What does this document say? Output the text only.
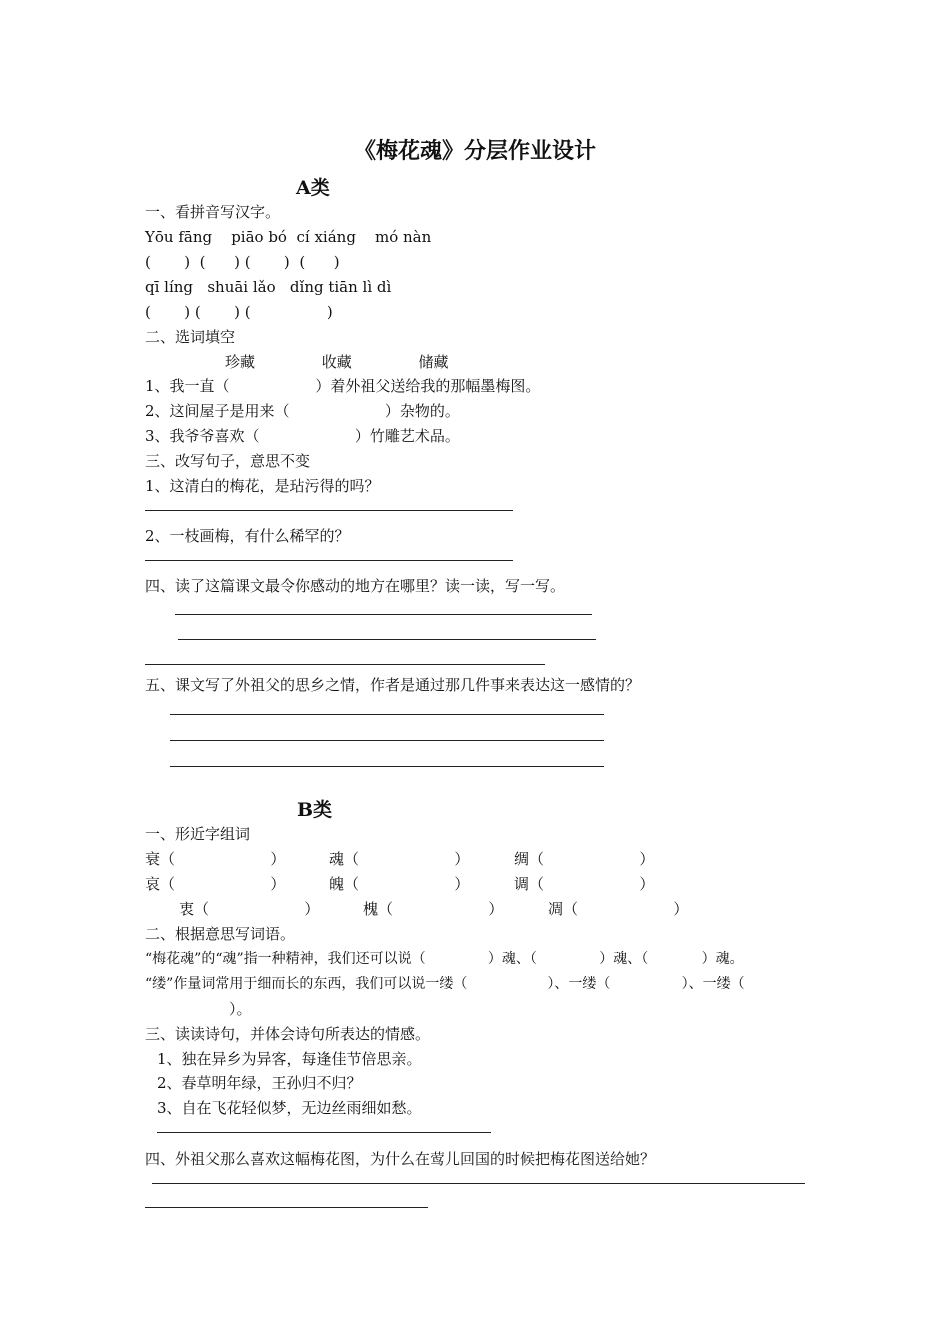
《梅花魂》分层作业设计
A类
一、看拼音写汉字。
Yōu fāng    piāo bó  cí xiáng    mó nàn
(       )  (      ) (       )  (      )
qī líng   shuāi lǎo   dǐng tiān lì dì
(       ) (       ) (                )
二、选词填空
珍藏              收藏              储藏
1、我一直（                  ）着外祖父送给我的那幅墨梅图。
2、这间屋子是用来（                    ）杂物的。
3、我爷爷喜欢（                    ）竹雕艺术品。
三、改写句子，意思不变
1、这清白的梅花，是玷污得的吗？
2、一枝画梅，有什么稀罕的？
四、读了这篇课文最令你感动的地方在哪里？读一读，写一写。
五、课文写了外祖父的思乡之情，作者是通过那几件事来表达这一感情的？
B类
一、形近字组词
衰（                    ）	魂（                    ）	绸（                    ）
哀（                    ）	魄（                    ）	调（                    ）
衷（                    ）	槐（                    ）	凋（                    ）
二、根据意思写词语。
“梅花魂”的“魂”指一种精神，我们还可以说（              ）魂、（              ）魂、（            ）魂。
“缕”作量词常用于细而长的东西，我们可以说一缕（                  ）、一缕（                ）、一缕（
）。
三、读读诗句，并体会诗句所表达的情感。
1、独在异乡为异客，每逢佳节倍思亲。
2、春草明年绿，王孙归不归？
3、自在飞花轻似梦，无边丝雨细如愁。
四、外祖父那么喜欢这幅梅花图，为什么在莺儿回国的时候把梅花图送给她？
